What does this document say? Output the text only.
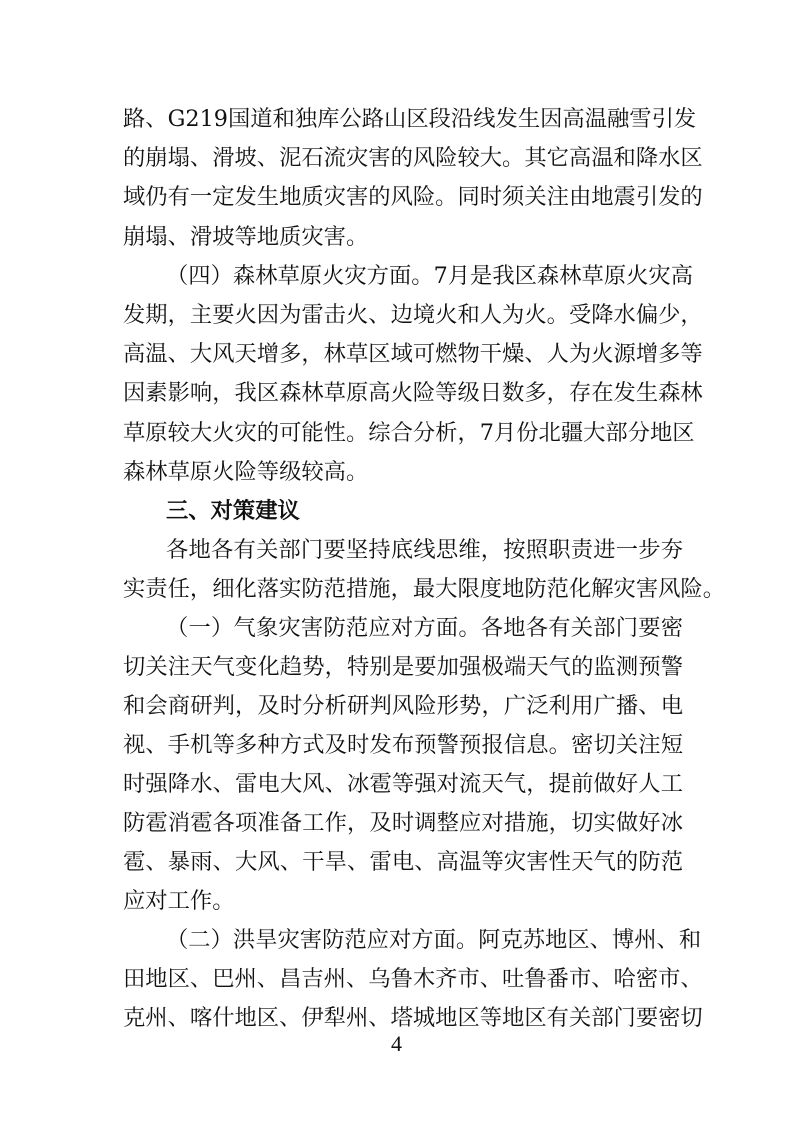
路、G219国道和独库公路山区段沿线发生因高温融雪引发
的崩塌、滑坡、泥石流灾害的风险较大。其它高温和降水区
域仍有一定发生地质灾害的风险。同时须关注由地震引发的
崩塌、滑坡等地质灾害。
（四）森林草原火灾方面。7月是我区森林草原火灾高
发期，主要火因为雷击火、边境火和人为火。受降水偏少，
高温、大风天增多，林草区域可燃物干燥、人为火源增多等
因素影响，我区森林草原高火险等级日数多，存在发生森林
草原较大火灾的可能性。综合分析，7月份北疆大部分地区
森林草原火险等级较高。
三、对策建议
各地各有关部门要坚持底线思维，按照职责进一步夯
实责任，细化落实防范措施，最大限度地防范化解灾害风险。
（一）气象灾害防范应对方面。各地各有关部门要密
切关注天气变化趋势，特别是要加强极端天气的监测预警
和会商研判，及时分析研判风险形势，广泛利用广播、电
视、手机等多种方式及时发布预警预报信息。密切关注短
时强降水、雷电大风、冰雹等强对流天气，提前做好人工
防雹消雹各项准备工作，及时调整应对措施，切实做好冰
雹、暴雨、大风、干旱、雷电、高温等灾害性天气的防范
应对工作。
（二）洪旱灾害防范应对方面。阿克苏地区、博州、和
田地区、巴州、昌吉州、乌鲁木齐市、吐鲁番市、哈密市、
克州、喀什地区、伊犁州、塔城地区等地区有关部门要密切
4
